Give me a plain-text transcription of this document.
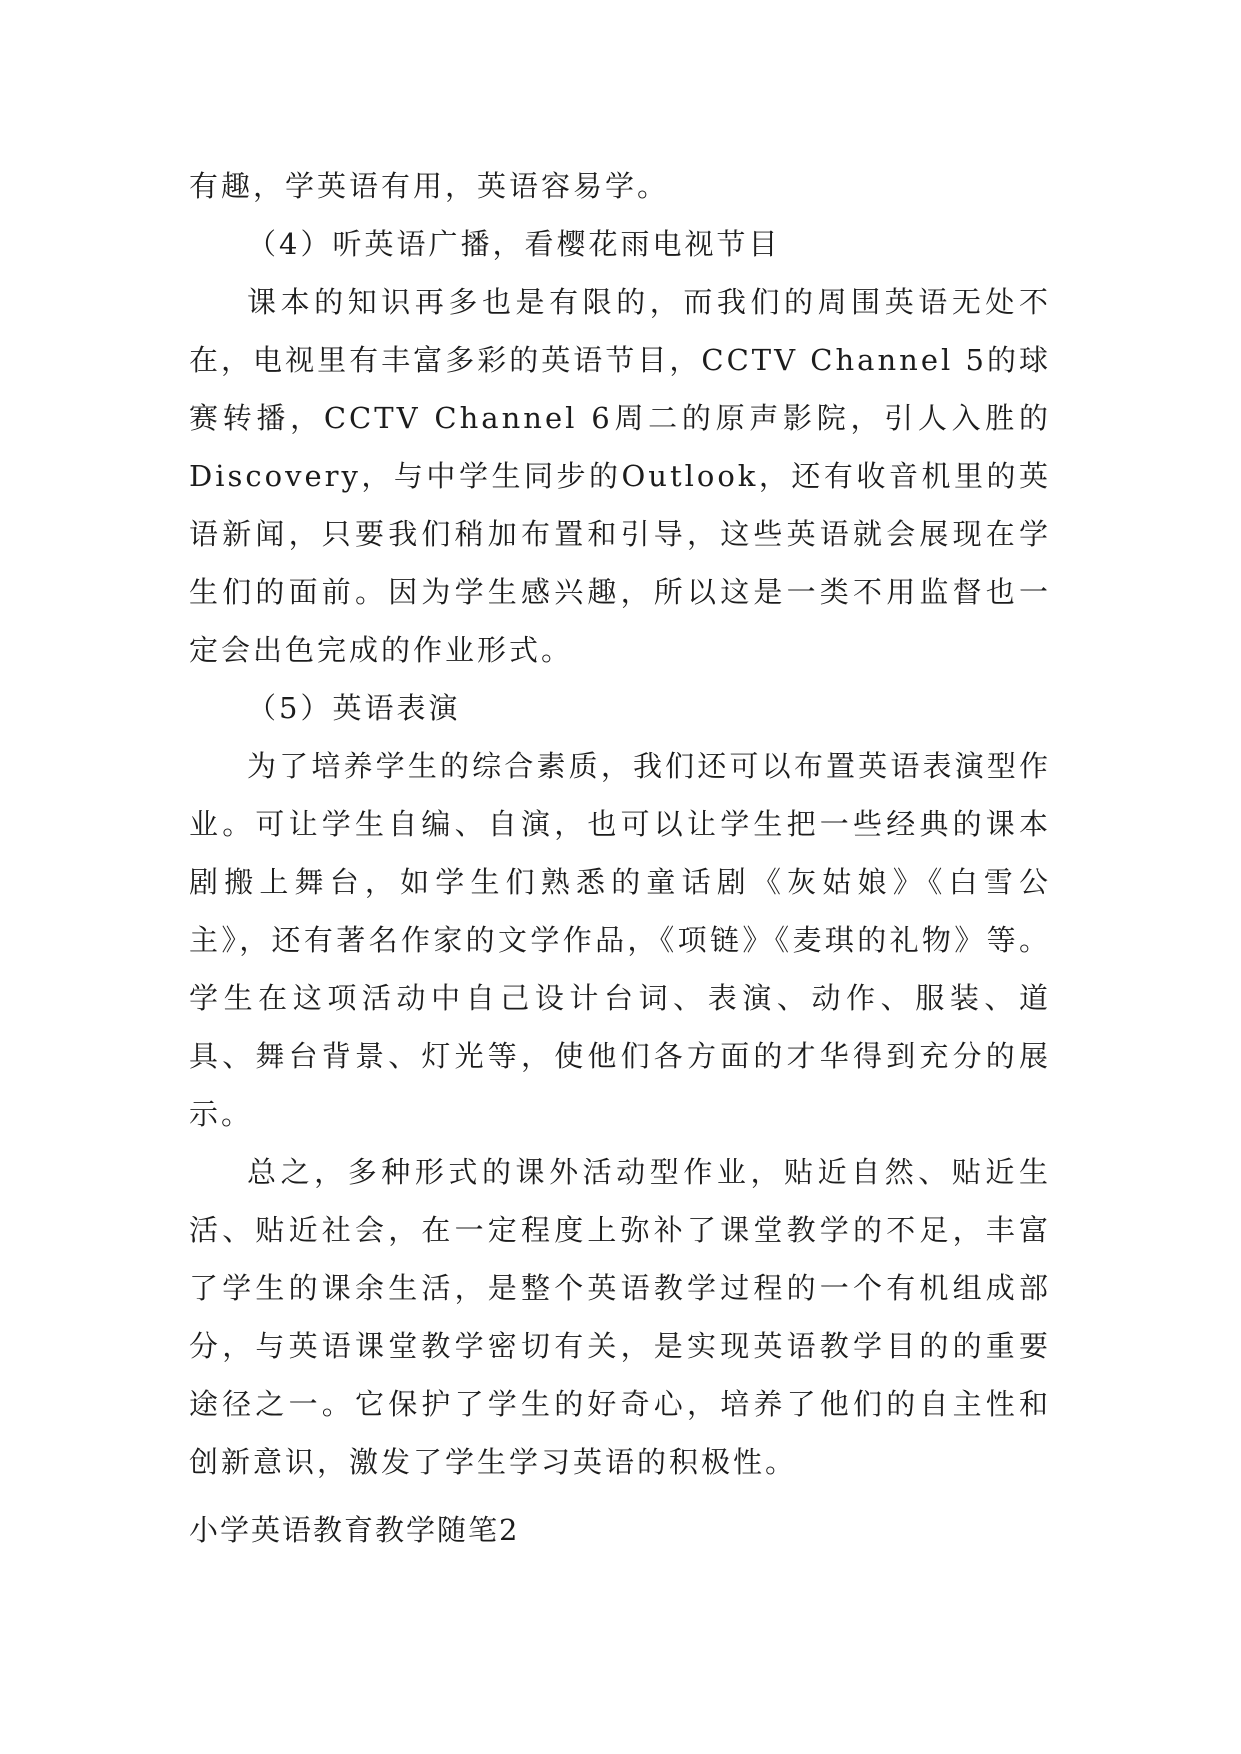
有趣，学英语有用，英语容易学。

（4）听英语广播，看樱花雨电视节目

课本的知识再多也是有限的，而我们的周围英语无处不在，电视里有丰富多彩的英语节目，CCTV Channel 5的球赛转播，CCTV Channel 6周二的原声影院，引人入胜的Discovery，与中学生同步的Outlook，还有收音机里的英语新闻，只要我们稍加布置和引导，这些英语就会展现在学生们的面前。因为学生感兴趣，所以这是一类不用监督也一定会出色完成的作业形式。

（5）英语表演

为了培养学生的综合素质，我们还可以布置英语表演型作业。可让学生自编、自演，也可以让学生把一些经典的课本剧搬上舞台，如学生们熟悉的童话剧《灰姑娘》《白雪公主》，还有著名作家的文学作品，《项链》《麦琪的礼物》等。学生在这项活动中自己设计台词、表演、动作、服装、道具、舞台背景、灯光等，使他们各方面的才华得到充分的展示。

总之，多种形式的课外活动型作业，贴近自然、贴近生活、贴近社会，在一定程度上弥补了课堂教学的不足，丰富了学生的课余生活，是整个英语教学过程的一个有机组成部分，与英语课堂教学密切有关，是实现英语教学目的的重要途径之一。它保护了学生的好奇心，培养了他们的自主性和创新意识，激发了学生学习英语的积极性。

小学英语教育教学随笔2
